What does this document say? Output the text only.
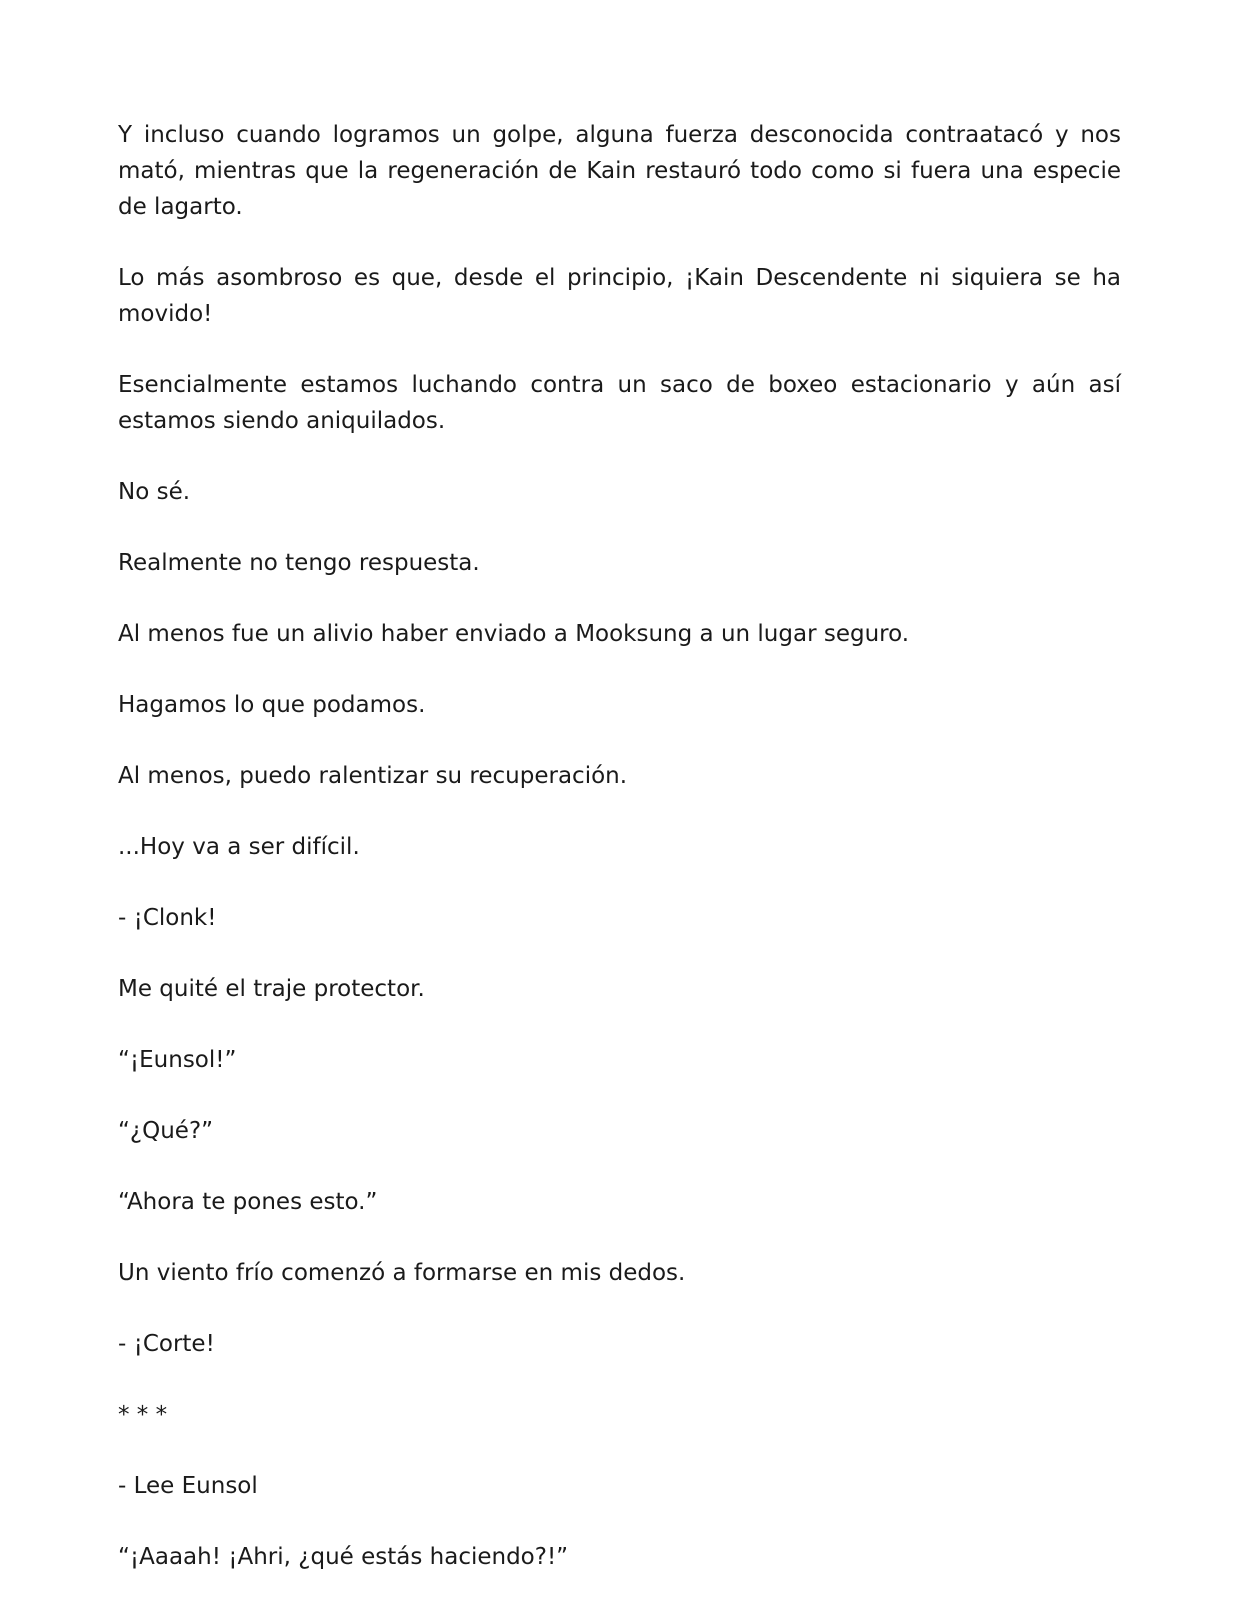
Y incluso cuando logramos un golpe, alguna fuerza desconocida contraatacó y nos mató, mientras que la regeneración de Kain restauró todo como si fuera una especie de lagarto.

Lo más asombroso es que, desde el principio, ¡Kain Descendente ni siquiera se ha movido!

Esencialmente estamos luchando contra un saco de boxeo estacionario y aún así estamos siendo aniquilados.

No sé.

Realmente no tengo respuesta.

Al menos fue un alivio haber enviado a Mooksung a un lugar seguro.

Hagamos lo que podamos.

Al menos, puedo ralentizar su recuperación.

...Hoy va a ser difícil.

- ¡Clonk!

Me quité el traje protector.

“¡Eunsol!”

“¿Qué?”

“Ahora te pones esto.”

Un viento frío comenzó a formarse en mis dedos.

- ¡Corte!

* * *

- Lee Eunsol

“¡Aaaah! ¡Ahri, ¿qué estás haciendo?!”
